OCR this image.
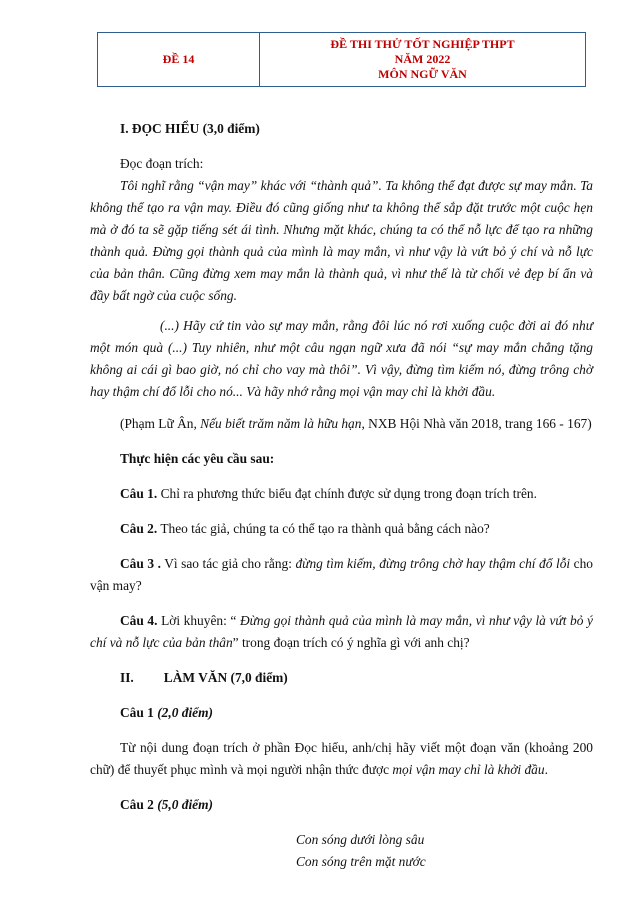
ĐỀ 14
ĐỀ THI THỬ TỐT NGHIỆP THPT
NĂM 2022
MÔN NGỮ VĂN

I. ĐỌC HIỂU (3,0 điểm)

Đọc đoạn trích:

Tôi nghĩ rằng “vận may” khác với “thành quả”. Ta không thể đạt được sự may mắn. Ta không thể tạo ra vận may. Điều đó cũng giống như ta không thể sắp đặt trước một cuộc hẹn mà ở đó ta sẽ gặp tiếng sét ái tình. Nhưng mặt khác, chúng ta có thể nỗ lực để tạo ra những thành quả. Đừng gọi thành quả của mình là may mắn, vì như vậy là vứt bỏ ý chí và nỗ lực của bản thân. Cũng đừng xem may mắn là thành quả, vì như thế là từ chối vẻ đẹp bí ẩn và đầy bất ngờ của cuộc sống.

(...) Hãy cứ tin vào sự may mắn, rằng đôi lúc nó rơi xuống cuộc đời ai đó như một món quà (...) Tuy nhiên, như một câu ngạn ngữ xưa đã nói “sự may mắn chẳng tặng không ai cái gì bao giờ, nó chỉ cho vay mà thôi”. Vì vậy, đừng tìm kiếm nó, đừng trông chờ hay thậm chí đổ lỗi cho nó... Và hãy nhớ rằng mọi vận may chỉ là khởi đầu.

(Phạm Lữ Ân, Nếu biết trăm năm là hữu hạn, NXB Hội Nhà văn 2018, trang 166 - 167)

Thực hiện các yêu cầu sau:

Câu 1. Chỉ ra phương thức biểu đạt chính được sử dụng trong đoạn trích trên.

Câu 2. Theo tác giả, chúng ta có thể tạo ra thành quả bằng cách nào?

Câu 3 . Vì sao tác giả cho rằng: đừng tìm kiếm, đừng trông chờ hay thậm chí đổ lỗi cho vận may?

Câu 4. Lời khuyên: “ Đừng gọi thành quả của mình là may mắn, vì như vậy là vứt bỏ ý chí và nỗ lực của bản thân” trong đoạn trích có ý nghĩa gì với anh chị?

II. LÀM VĂN (7,0 điểm)

Câu 1 (2,0 điểm)

Từ nội dung đoạn trích ở phần Đọc hiểu, anh/chị hãy viết một đoạn văn (khoảng 200 chữ) để thuyết phục mình và mọi người nhận thức được mọi vận may chỉ là khởi đầu.

Câu 2 (5,0 điểm)

Con sóng dưới lòng sâu

Con sóng trên mặt nước
